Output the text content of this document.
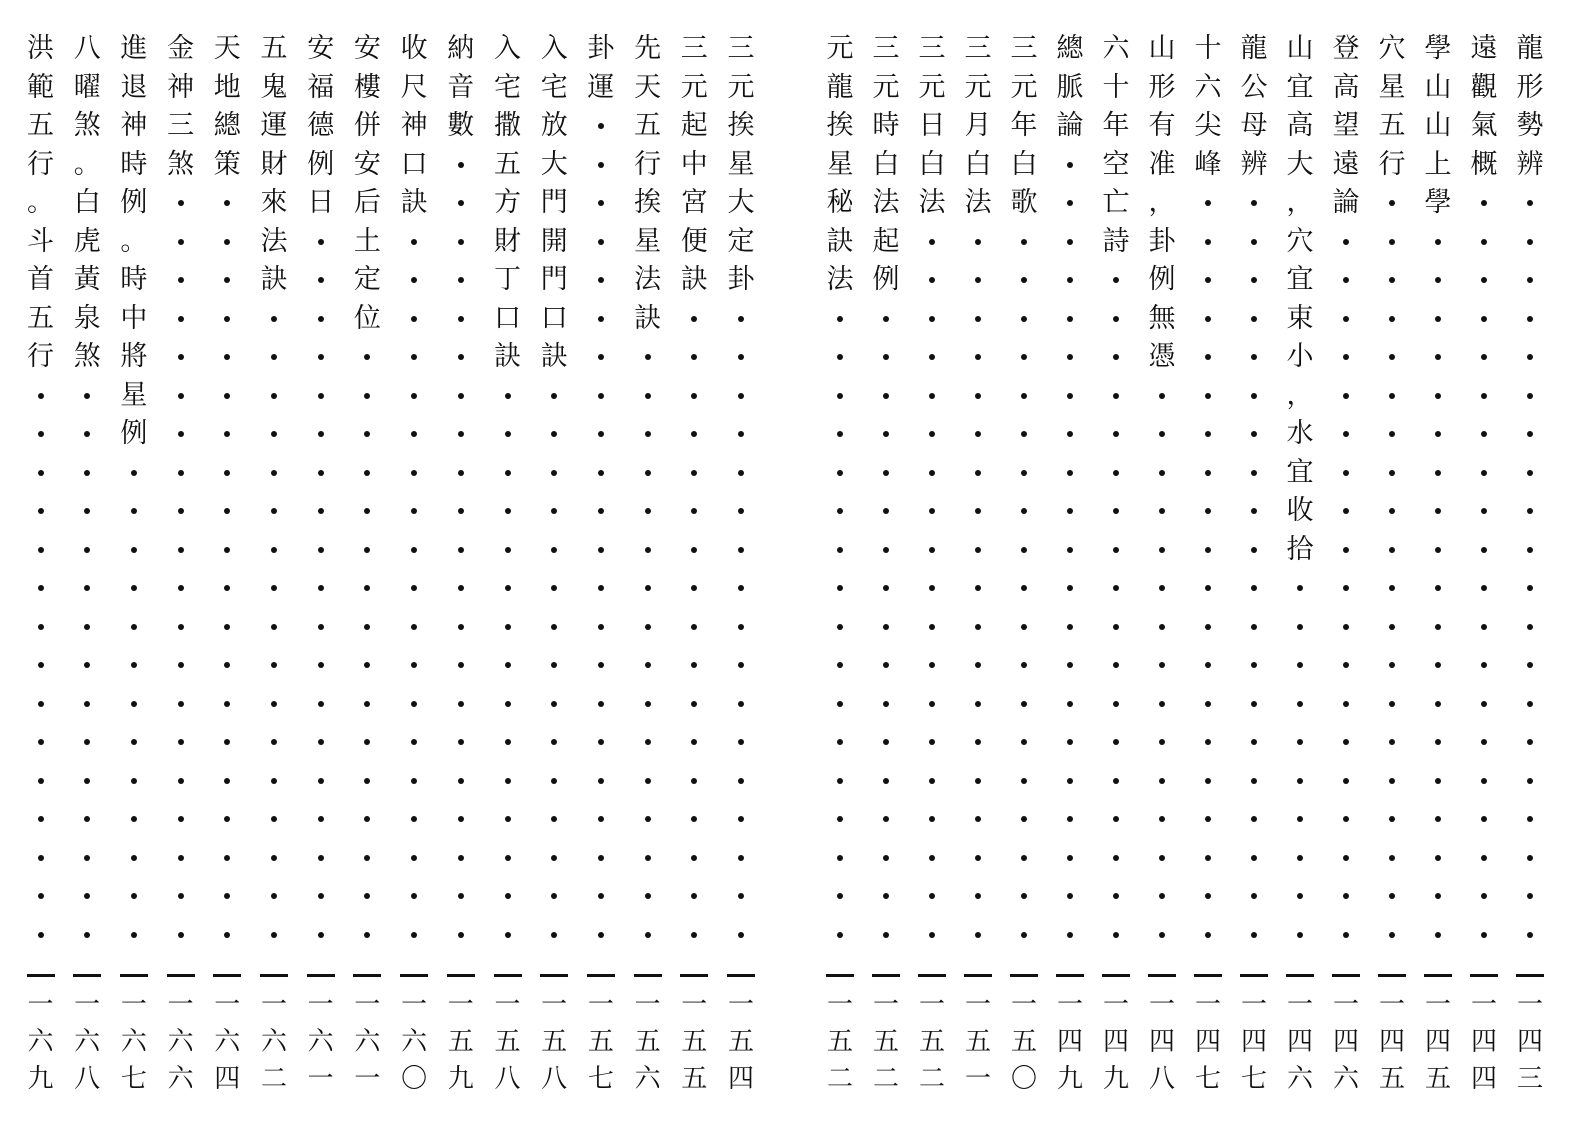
三
元
挨
星
大
定
卦
一
五
四
三
元
起
中
宮
便
訣
一
五
五
先
天
五
行
挨
星
法
訣
一
五
六
卦
運
一
五
七
入
宅
放
大
門
開
門
口
訣
一
五
八
入
宅
撒
五
方
財
丁
口
訣
一
五
八
納
音
數
一
五
九
收
尺
神
口
訣
一
六
〇
安
樓
併
安
后
土
定
位
一
六
一
安
福
德
例
日
一
六
一
五
鬼
運
財
來
法
訣
一
六
二
天
地
總
策
一
六
四
金
神
三
煞
一
六
六
進
退
神
時
例
。
時
中
將
星
例
一
六
七
八
曜
煞
。
白
虎
黃
泉
煞
一
六
八
洪
範
五
行
。
斗
首
五
行
一
六
九
龍
形
勢
辨
一
四
三
遠
觀
氣
概
一
四
四
學
山
山
上
學
一
四
五
穴
星
五
行
一
四
五
登
高
望
遠
論
一
四
六
山
宜
高
大
，
穴
宜
束
小
，
水
宜
收
拾
一
四
六
龍
公
母
辨
一
四
七
十
六
尖
峰
一
四
七
山
形
有
准
，
卦
例
無
憑
一
四
八
六
十
年
空
亡
詩
一
四
九
總
脈
論
一
四
九
三
元
年
白
歌
一
五
〇
三
元
月
白
法
一
五
一
三
元
日
白
法
一
五
二
三
元
時
白
法
起
例
一
五
二
元
龍
挨
星
秘
訣
法
一
五
二
